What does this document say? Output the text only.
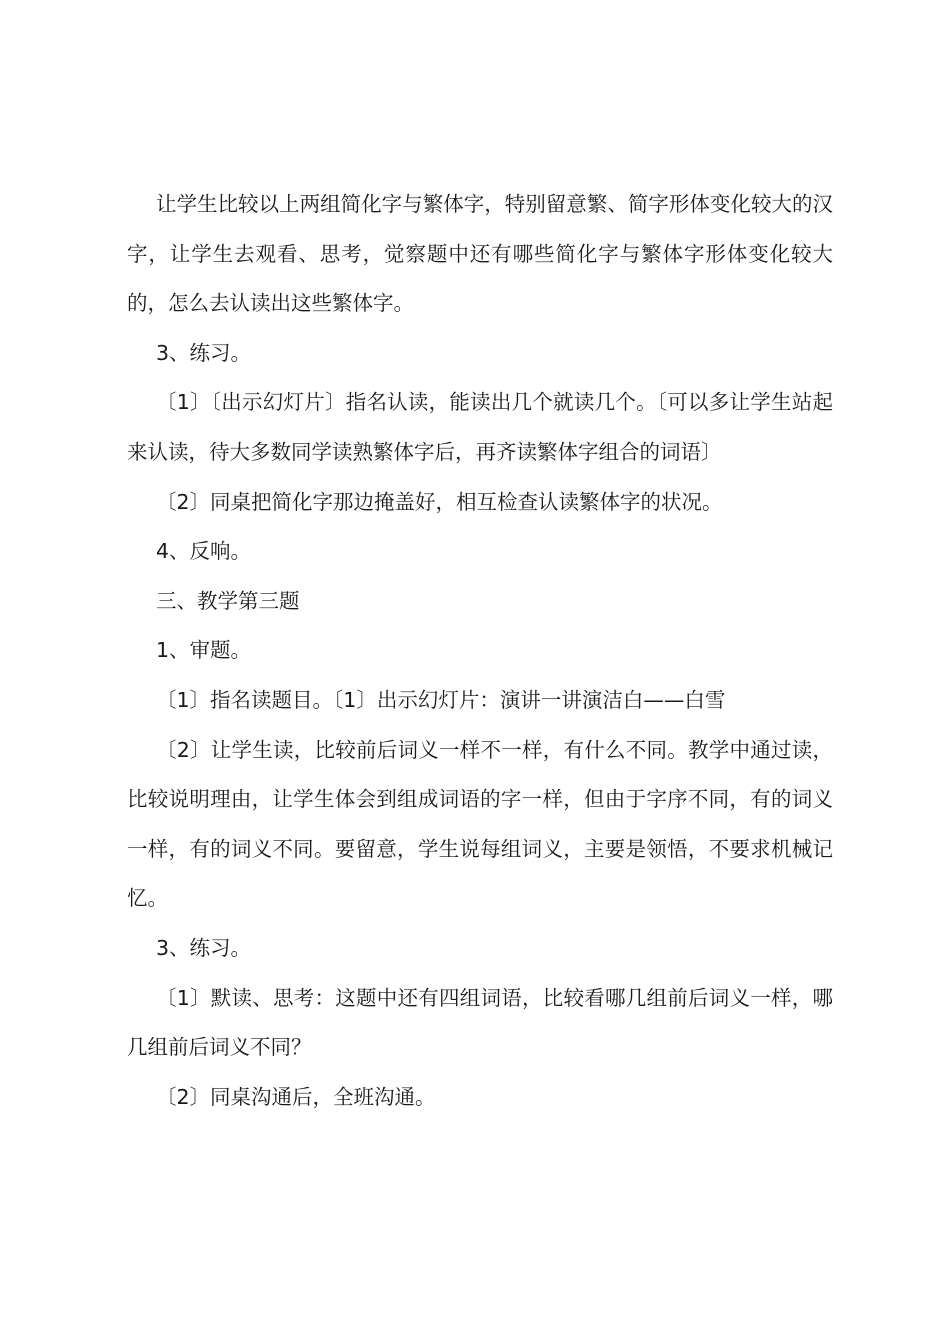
让学生比较以上两组简化字与繁体字，特别留意繁、简字形体变化较大的汉字，让学生去观看、思考，觉察题中还有哪些简化字与繁体字形体变化较大的，怎么去认读出这些繁体字。

3、练习。

〔1〕〔出示幻灯片〕指名认读，能读出几个就读几个。〔可以多让学生站起来认读，待大多数同学读熟繁体字后，再齐读繁体字组合的词语〕

〔2〕同桌把简化字那边掩盖好，相互检查认读繁体字的状况。

4、反响。

三、教学第三题

1、审题。

〔1〕指名读题目。〔1〕出示幻灯片：演讲一讲演洁白——白雪

〔2〕让学生读，比较前后词义一样不一样，有什么不同。教学中通过读，比较说明理由，让学生体会到组成词语的字一样，但由于字序不同，有的词义一样，有的词义不同。要留意，学生说每组词义，主要是领悟，不要求机械记忆。

3、练习。

〔1〕默读、思考：这题中还有四组词语，比较看哪几组前后词义一样，哪几组前后词义不同？

〔2〕同桌沟通后，全班沟通。
